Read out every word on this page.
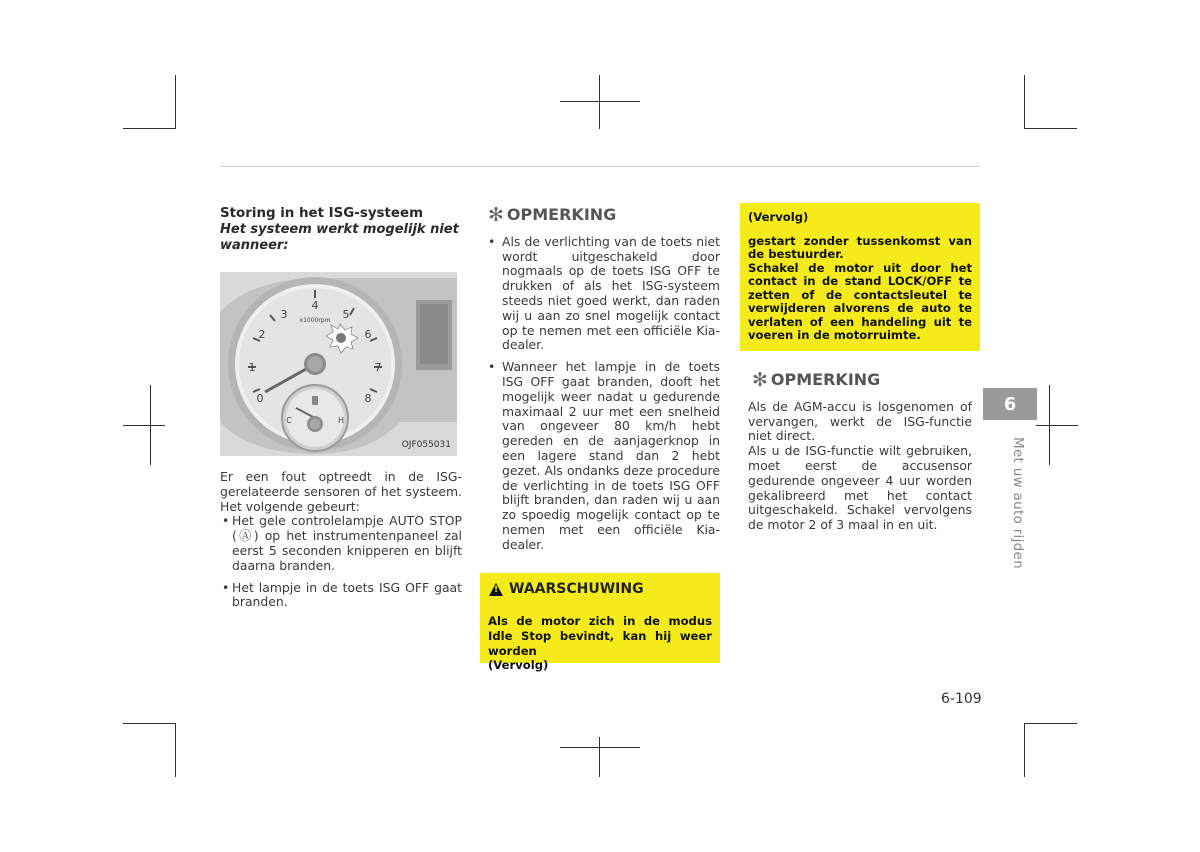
Storing in het ISG-systeem

Het systeem werkt mogelijk niet wanneer:

0
1
2
3
4
5
6
7
8
x1000rpm
C	H
OJF055031

Er een fout optreedt in de ISG-gerelateerde sensoren of het systeem. Het volgende gebeurt:

• Het gele controlelampje AUTO STOP (Ⓐ) op het instrumentenpaneel zal eerst 5 seconden knipperen en blijft daarna branden.
• Het lampje in de toets ISG OFF gaat branden.
✻ OPMERKING
• Als de verlichting van de toets niet wordt uitgeschakeld door nogmaals op de toets ISG OFF te drukken of als het ISG-systeem steeds niet goed werkt, dan raden wij u aan zo snel mogelijk contact op te nemen met een officiële Kia-dealer.
• Wanneer het lampje in de toets ISG OFF gaat branden, dooft het mogelijk weer nadat u gedurende maximaal 2 uur met een snelheid van ongeveer 80 km/h hebt gereden en de aanjagerknop in een lagere stand dan 2 hebt gezet. Als ondanks deze procedure de verlichting in de toets ISG OFF blijft branden, dan raden wij u aan zo spoedig mogelijk contact op te nemen met een officiële Kia-dealer.
! WAARSCHUWING
Als de motor zich in de modus Idle Stop bevindt, kan hij weer worden
(Vervolg)
(Vervolg)
gestart zonder tussenkomst van de bestuurder.
Schakel de motor uit door het contact in de stand LOCK/OFF te zetten of de contactsleutel te verwijderen alvorens de auto te verlaten of een handeling uit te voeren in de motorruimte.
✻ OPMERKING

Als de AGM-accu is losgenomen of vervangen, werkt de ISG-functie niet direct.

Als u de ISG-functie wilt gebruiken, moet eerst de accusensor gedurende ongeveer 4 uur worden gekalibreerd met het contact uitgeschakeld. Schakel vervolgens de motor 2 of 3 maal in en uit.

6
Met uw auto rijden
6-109
